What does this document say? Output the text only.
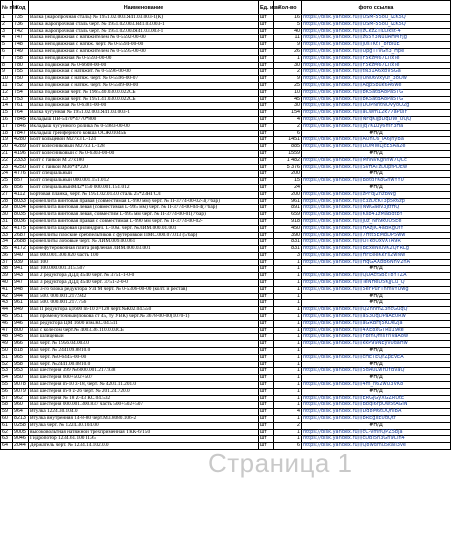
№ п/п	Код	Наименование	Ед. изм	Кол-во	фото ссылка
1	735	Валка (жаропрочная сталь) № 1951.02.003.Я41.03.003-1(К)	шт	16	https://disk.yandex.ru/i/USM-55ou_iZK5Q
2	736	Валка жаропрочная сталь черт. № 1951.02.003.Я41.03.003-1	шт	5	https://disk.yandex.ru/i/USM-55ou_iZK5Q
3	742	Валка жаропрочная сталь черт. № 1951.02.003Я41.03.003-1	шт	40	https://disk.yandex.ru/i/zCkzZTiLOkst-4
4	747	Валка неподвижная с натяжителем № 0-5592-00-00	шт	11	https://disk.yandex.ru/i/z65Y3NuuAHMYjg
5	748	Валка неподвижная с натяж. черт. № 0-5594-00-00	шт	9	https://disk.yandex.ru/i/j0sTKtT_8rbIuE
6	749	Валка неподвижная с натяжителем № 0-5595-00-00	шт	26	https://disk.yandex.ru/i/UpgTTvGn3_Hpe
7	758	Валка неподвижная № 0-5593-00-00	шт	1	https://disk.yandex.ru/i/F5kzM67LTlxTe
8	780	Валка подвижная № 0-6608-00-00	шт	30	https://disk.yandex.ru/i/F5kzM67LTlxTe
9	755	Валка подвижная с натяжит. № 0-5596-00-00	шт	2	https://disk.yandex.ru/i/tN31A6xbVSGa
10	750	Валка подвижная с натяж. черт. № 0-5596-00-07	шт	9	https://disk.yandex.ru/i/UN06vxyuf_3oOw
11	752	Валка подвижная с натяж. черт. № 0-5509-00-00	шт	25	https://disk.yandex.ru/i/Aqp5buk6A6we
12	754	Валка подвижная черт. № 1965.40.030.0.022СБ	шт	10	https://disk.yandex.ru/i/bK5atBA8Pa5TG
13	753	Валка подвижная черт. № 1951.41.030.0.022СБ	шт	45	https://disk.yandex.ru/i/bK5atBA8Pa5TG
14	761	Валка подвижная № 0-6381-00-00	шт	30	https://disk.yandex.ru/i/DOPNhtNOVyoO2g
15	764	Валка чугунная № 1951.02.003.Я41.03.003-1	шт	154	https://disk.yandex.ru/i/aCwm12k77aPuIY
16	7845	Вкладыш ПВ-5470*4770*800	шт	4	https://disk.yandex.ru/i/NFqKijpDqDW_UQQ
17	7846	Вкладыш чугунного ролика № 0-5983-00-00	шт	2	https://disk.yandex.ru/i/jq7KLuy6mF3Ha
18	7847	Вкладыш грейферного ковша ОСЖ01045Б	шт	6	#Н/Д
19	4280	Болт кольцевой М27х3 L-124	шт	1451	https://disk.yandex.ru/i/AUhC6_iA6jnyBa
20	4289	Болт колесниковый М27х3 L-128	шт	885	https://disk.yandex.ru/i/DDMWLjcE5Aa2e
21	4196	Болт колесниковый с № 0-6303-00-00	шт	1559	#Н/Д
22	2333	Болт с гайкой М 27х180	шт	1 482	https://disk.yandex.ru/i/MnNvKgnhw7QCc
23	4250	Болт с гайкой М36*4*220	шт	5 376	https://disk.yandex.ru/i/SvHATzDupfPDEw
24	4776	Болт специальный	шт	200	#Н/Д
25	857	Болт специальный 000.001.151.012	шт	15	https://disk.yandex.ru/i/B8tdYKoGhwYY0
26	856	Болт специальныйМ42*150 000.001.151.012	шт	24	#Н/Д
27	4112	Бортовая планка, черт. № 1951.02.013.0 сталь 25*23НГСЛ	шт	200	https://disk.yandex.ru/i/zPFdJ2hzBWg
28	8033	Бронеплита винтовая правая (совместимая L-990 мм) черт. № П-3774-00-02-3(7'бар)	шт	961	https://disk.yandex.ru/i/c3zDcKT3p5k6zp
29	8034	Бронеплита винтовая левая (совместимая L-995 мм) черт. № П-3774-00-04-4(7'бар)	шт	891	https://disk.yandex.ru/i/NwGaev3JtfHQ
30	8035	Бронеплита винтовая левая, совместим L-995 мм черт. № П-3774-00-01(7'бар)	шт	659	https://disk.yandex.ru/i/Ksb41zMaBdtbY
31	8036	Бронеплита винтовая правая с совместимая L-990 мм черт. № П-3774-00-02-	шт	918	https://disk.yandex.ru/i/j0z_Nn9k0U5Ee
32	4175	Бронеплита шаровая цилиндрич. L-10м. черт. №ЛИМ.000.01.001	шт	450	https://disk.yandex.ru/i/HAzJiC4aBRgUfY
33	2687	Бронеплиты плоские сребпельтиков с футеровкой ПМС.000.07.013 (5'бар)	шт	390	https://disk.yandex.ru/i/7Htt5EMbDP5ww
34	2688	Бронеплиты лобовые черт. № ЛИМ.009.00.061	шт	831	https://disk.yandex.ru/i/OTkoUxvXTA9R
35	4172	Бронефутеровочная плита рифленая ЛИМ.000.03.001	шт	831	https://disk.yandex.ru/i/BExeNiuvK2QFRLg
36	940	Вал 000.001.300.820 часть 100	шт	3	https://disk.yandex.ru/i/HFEeeKkFs2wNw
37	939	Вал 100	шт	1	https://disk.yandex.ru/i/HqGAXbB6NhV2hA
38	941	Вал 100.000.001.315.507	шт	1	#Н/Д
39	943	Вал 2 редуктора ДДД 4540 черт. № 3751-1-0-0	шт	1	https://disk.yandex.ru/i/QDAcfSBcT8YTZA
40	947	Вал 3 редуктора ДДД 4540 черт. 3751-2-0-0	шт	1	https://disk.yandex.ru/i/TeNHeD5KjJCu_Q
41	948	Вал 3-го блока редуктора УЗГМ черт. № 0-5306-00-00 (колт. и рестав)	шт	1	https://disk.yandex.ru/i/5eFPuFTnmvYUwg
42	944	Вал 500. 000.001.217.942	шт	1	#Н/Д
43	961	Вал 500. 000.001.217.756	шт	1	#Н/Д
44	949	Вал II редуктора ц1600 m-10 z=128 черт.№К02.04.550	шт	1	https://disk.yandex.ru/i/Q2hhmZ3hcGuqQ
45	951	Вал промежуточный(покова ст 45, ту УВК) черт.№ 3678-00-00(1070-1)	шт	1	https://disk.yandex.ru/i/aS3UqDPaAE0Rw
46	946	Вал редуктора ЦМ 1600 изм.КС.04.511	шт	1	https://disk.yandex.ru/i/aGRBrfj5KDe2ja
47	800	Вал с колесом черт.№ 4003.36.110.0.03СБ	шт	1	https://disk.yandex.ru/i/4XE8xGTRu19ke
48	945	Вал шлицевый	шт	1	https://disk.yandex.ru/i/FBfhQmsYnVaA8w
49	966	Вал черт. № 1956.04.003.0	шт	1	https://disk.yandex.ru/i/kkP99NEyv0daHw
50	818	Вал черт. № 244109.8810.0	шт	1	#Н/Д
51	965	Вал черт. №0-6445-00-00	шт	1	https://disk.yandex.ru/i/cHETEQrZpEvEA
52	958	Вал черт. №2441.00.0810.0	шт	1	#Н/Д
53	953	Вал шестерня 399 №6000.001.217.938	шт	1	https://disk.yandex.ru/i/5dA0LwYuYBvaQ
54	950	Вал шестерня 600+502+507	шт	1	#Н/Д
55	9078	Вал шестерня m-10 z-18, черт. № 4201.11.201.0	шт	1	https://disk.yandex.ru/i/4m_n62wU3VK8
56	9079	Вал шестерня m-9 z-26 черт. № 201.24.720.0	шт	1	#Н/Д
57	962	Вал шестерня № 18 Z-43 КС.04.532	шт	1	https://disk.yandex.ru/i/ERGjGyXGZRUtE
58	960	Вал шестерня 000.001.300.837 часть 500+502+507	шт	1	https://disk.yandex.ru/i/Bbqi6rpOw5tAGiN
59	964	Втулка 1224.30.104.0	шт	4	https://disk.yandex.ru/i/Dd8M6tDQhIBA
60	8213	Втулка внутренняя 14-8-80 черт.М3.8080.106-2	шт	1	https://disk.yandex.ru/i/bREgxE0dQtr
61	0258	Втулка черт. № 1224.30.104.00	шт	2	#Н/Д
62	9005	высоковольтная натяжной трехприменная ТКК-6/150	шт	1	https://disk.yandex.ru/i/cC-vmhQPZ5bja
63	9046	Гидропотор 1234.61.100 ПЭ5	шт	1	https://disk.yandex.ru/i/cDBl5h3Gn9Cin4
64	2044	Держатель черт. № 1234.14.102.0.0	шт	6	https://disk.yandex.ru/i/Q8wdmu5kaiI3ve
Страница 1
